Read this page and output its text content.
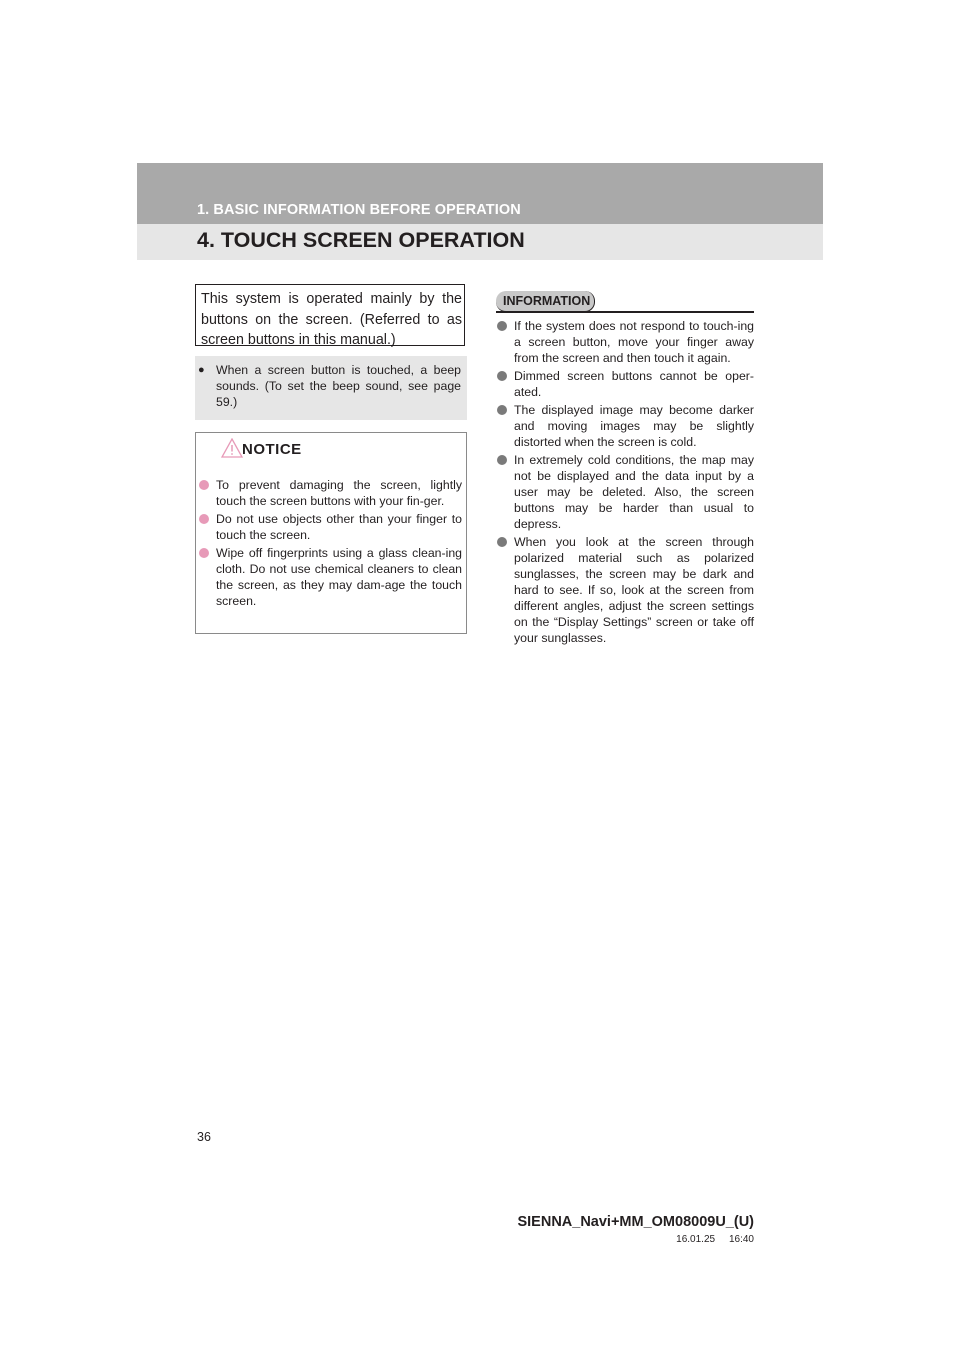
1. BASIC INFORMATION BEFORE OPERATION
4. TOUCH SCREEN OPERATION
This system is operated mainly by the buttons on the screen. (Referred to as screen buttons in this manual.)
● When a screen button is touched, a beep sounds. (To set the beep sound, see page 59.)
NOTICE
To prevent damaging the screen, lightly touch the screen buttons with your fin-ger.
Do not use objects other than your finger to touch the screen.
Wipe off fingerprints using a glass clean-ing cloth. Do not use chemical cleaners to clean the screen, as they may dam-age the touch screen.
INFORMATION
If the system does not respond to touch-ing a screen button, move your finger away from the screen and then touch it again.
Dimmed screen buttons cannot be oper-ated.
The displayed image may become darker and moving images may be slightly distorted when the screen is cold.
In extremely cold conditions, the map may not be displayed and the data input by a user may be deleted. Also, the screen buttons may be harder than usual to depress.
When you look at the screen through polarized material such as polarized sunglasses, the screen may be dark and hard to see. If so, look at the screen from different angles, adjust the screen settings on the “Display Settings” screen or take off your sunglasses.
36
SIENNA_Navi+MM_OM08009U_(U)
16.01.25     16:40
